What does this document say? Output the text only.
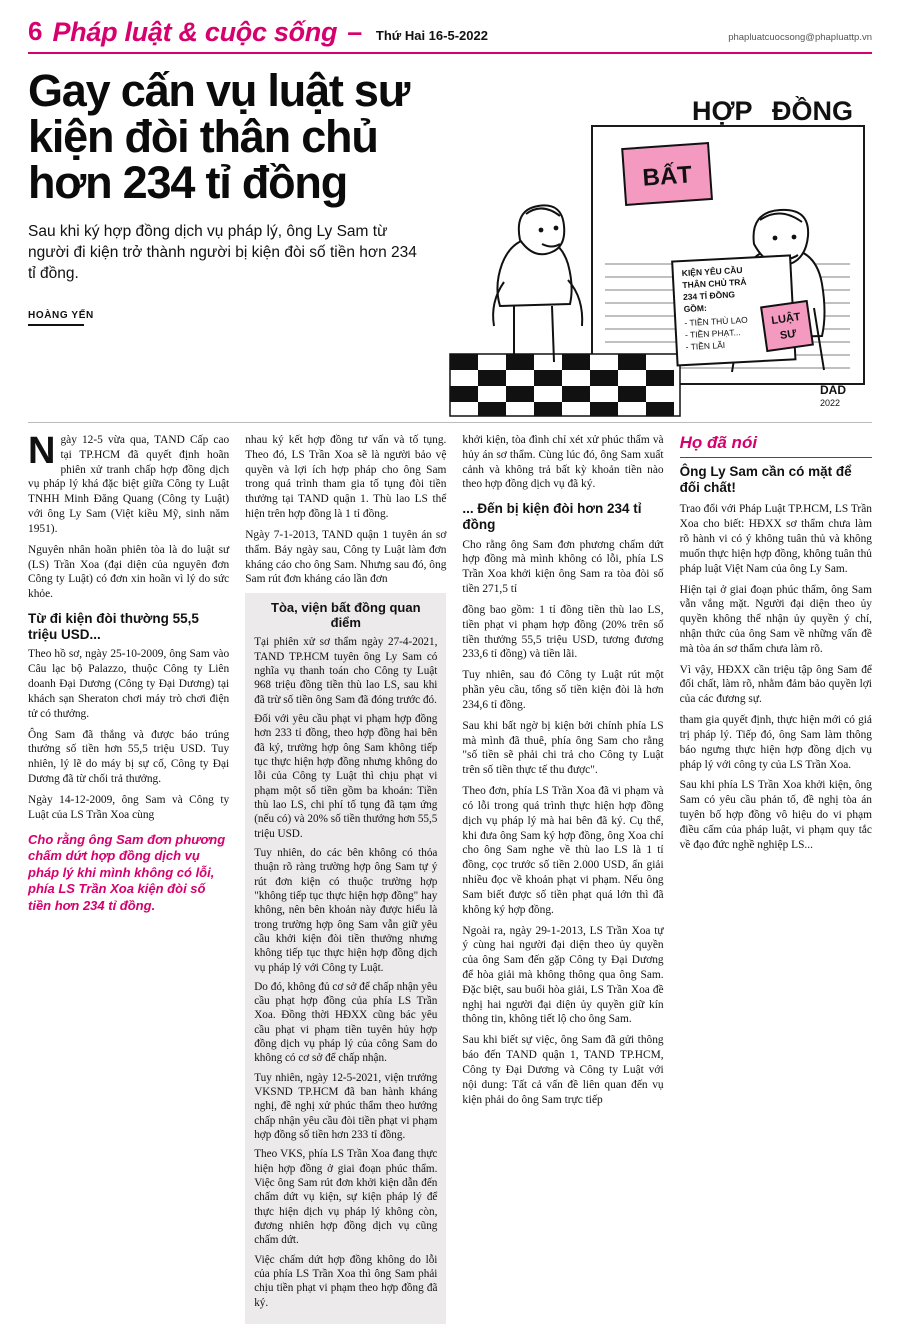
6 Pháp luật & cuộc sống – Thứ Hai 16-5-2022	phapluatcuocsong@phapluattp.vn
Gay cấn vụ luật sư kiện đòi thân chủ hơn 234 tỉ đồng
Sau khi ký hợp đồng dịch vụ pháp lý, ông Ly Sam từ người đi kiện trở thành người bị kiện đòi số tiền hơn 234 tỉ đồng.
HOÀNG YẾN
HỢP ĐỒNG
BẤT
KIỆN YÊU CẦU
THÂN CHỦ TRẢ
234 TỈ ĐỒNG
GỒM:
- TIỀN THÙ LAO
- TIỀN PHẠT...
- TIỀN LÃI
LUẬT
SƯ
DAD
2022

Ngày 12-5 vừa qua, TAND Cấp cao tại TP.HCM đã quyết định hoãn phiên xử tranh chấp hợp đồng dịch vụ pháp lý khá đặc biệt giữa Công ty Luật TNHH Minh Đăng Quang (Công ty Luật) với ông Ly Sam (Việt kiều Mỹ, sinh năm 1951).

Nguyên nhân hoãn phiên tòa là do luật sư (LS) Trần Xoa (đại diện của nguyên đơn Công ty Luật) có đơn xin hoãn vì lý do sức khỏe.

Từ đi kiện đòi thường 55,5 triệu USD...

Theo hồ sơ, ngày 25-10-2009, ông Sam vào Câu lạc bộ Palazzo, thuộc Công ty Liên doanh Đại Dương (Công ty Đại Dương) tại khách sạn Sheraton chơi máy trò chơi điện tử có thưởng.

Ông Sam đã thắng và được báo trúng thưởng số tiền hơn 55,5 triệu USD. Tuy nhiên, lý lẽ do máy bị sự cố, Công ty Đại Dương đã từ chối trả thưởng.

Ngày 14-12-2009, ông Sam và Công ty Luật của LS Trần Xoa cùng

Cho rằng ông Sam đơn phương chấm dứt hợp đồng dịch vụ pháp lý khi mình không có lỗi, phía LS Trần Xoa kiện đòi số tiền hơn 234 tỉ đồng.

nhau ký kết hợp đồng tư vấn và tố tụng. Theo đó, LS Trần Xoa sẽ là người bảo vệ quyền và lợi ích hợp pháp cho ông Sam trong quá trình tham gia tố tụng đòi tiền thưởng tại TAND quận 1. Thù lao LS thể hiện trên hợp đồng là 1 tỉ đồng.

Ngày 7-1-2013, TAND quận 1 tuyên án sơ thẩm. Bảy ngày sau, Công ty Luật làm đơn kháng cáo cho ông Sam. Nhưng sau đó, ông Sam rút đơn kháng cáo lần đơn

Tòa, viện bất đồng quan điểm

Tại phiên xử sơ thẩm ngày 27-4-2021, TAND TP.HCM tuyên ông Ly Sam có nghĩa vụ thanh toán cho Công ty Luật 968 triệu đồng tiền thù lao LS, sau khi đã trừ số tiền ông Sam đã đóng trước đó.

Đối với yêu cầu phạt vi phạm hợp đồng hơn 233 tỉ đồng, theo hợp đồng hai bên đã ký, trường hợp ông Sam không tiếp tục thực hiện hợp đồng nhưng không do lỗi của Công ty Luật thì chịu phạt vi phạm một số tiền gồm ba khoản: Tiền thù lao LS, chi phí tố tụng đã tạm ứng (nếu có) và 20% số tiền thưởng hơn 55,5 triệu USD.

Tuy nhiên, do các bên không có thỏa thuận rõ ràng trường hợp ông Sam tự ý rút đơn kiện có thuộc trường hợp "không tiếp tục thực hiện hợp đồng" hay không, nên bên khoản này được hiểu là trong trường hợp ông Sam vẫn giữ yêu cầu khởi kiện đòi tiền thưởng nhưng không tiếp tục thực hiện hợp đồng dịch vụ pháp lý với Công ty Luật.

Do đó, không đủ cơ sở để chấp nhận yêu cầu phạt hợp đồng của phía LS Trần Xoa. Đồng thời HĐXX cũng bác yêu cầu phạt vi phạm tiền tuyên hủy hợp đồng dịch vụ pháp lý của công Sam do không có cơ sở để chấp nhận.

Tuy nhiên, ngày 12-5-2021, viện trưởng VKSND TP.HCM đã ban hành kháng nghị, đề nghị xử phúc thẩm theo hướng chấp nhận yêu cầu đòi tiền phạt vi phạm hợp đồng số tiền hơn 233 tỉ đồng.

Theo VKS, phía LS Trần Xoa đang thực hiện hợp đồng ở giai đoạn phúc thẩm. Việc ông Sam rút đơn khởi kiện dẫn đến chấm dứt vụ kiện, sự kiện pháp lý để thực hiện dịch vụ pháp lý không còn, đương nhiên hợp đồng dịch vụ cũng chấm dứt.

Việc chấm dứt hợp đồng không do lỗi của phía LS Trần Xoa thì ông Sam phải chịu tiền phạt vi phạm theo hợp đồng đã ký.

khởi kiện, tòa đình chỉ xét xử phúc thẩm và hủy án sơ thẩm. Cùng lúc đó, ông Sam xuất cảnh và không trả bất kỳ khoản tiền nào theo hợp đồng dịch vụ đã ký.

... Đến bị kiện đòi hơn 234 tỉ đồng

Cho rằng ông Sam đơn phương chấm dứt hợp đồng mà mình không có lỗi, phía LS Trần Xoa khởi kiện ông Sam ra tòa đòi số tiền 271,5 tỉ

đồng bao gồm: 1 tỉ đồng tiền thù lao LS, tiền phạt vi phạm hợp đồng (20% trên số tiền thưởng 55,5 triệu USD, tương đương 233,6 tỉ đồng) và tiền lãi.

Tuy nhiên, sau đó Công ty Luật rút một phần yêu cầu, tổng số tiền kiện đòi là hơn 234,6 tỉ đồng.

Sau khi bất ngờ bị kiện bởi chính phía LS mà mình đã thuê, phía ông Sam cho rằng "số tiền sẽ phải chi trả cho Công ty Luật trên số tiền thực tế thu được".

Theo đơn, phía LS Trần Xoa đã vi phạm và có lỗi trong quá trình thực hiện hợp đồng dịch vụ pháp lý mà hai bên đã ký. Cụ thể, khi đưa ông Sam ký hợp đồng, ông Xoa chỉ cho ông Sam nghe về thù lao LS là 1 tỉ đồng, cọc trước số tiền 2.000 USD, ấn giải nhiều đọc về khoản phạt vi phạm. Nếu ông Sam biết được số tiền phạt quá lớn thì đã không ký hợp đồng.

Ngoài ra, ngày 29-1-2013, LS Trần Xoa tự ý cùng hai người đại diện theo ủy quyền của ông Sam đến gặp Công ty Đại Dương để hòa giải mà không thông qua ông Sam. Đặc biệt, sau buổi hòa giải, LS Trần Xoa đề nghị hai người đại diện ủy quyền giữ kín thông tin, không tiết lộ cho ông Sam.

Sau khi biết sự việc, ông Sam đã gửi thông báo đến TAND quận 1, TAND TP.HCM, Công ty Đại Dương và Công ty Luật với nội dung: Tất cả vấn đề liên quan đến vụ kiện phải do ông Sam trực tiếp

Họ đã nói
Ông Ly Sam cần có mặt để đối chất!

Trao đổi với Pháp Luật TP.HCM, LS Trần Xoa cho biết: HĐXX sơ thẩm chưa làm rõ hành vi có ý không tuân thủ và không muốn thực hiện hợp đồng, không tuân thủ pháp luật Việt Nam của ông Ly Sam.

Hiện tại ở giai đoạn phúc thẩm, ông Sam vẫn vắng mặt. Người đại diện theo ủy quyền không thể nhận ủy quyền ý chí, nhận thức của ông Sam về những vấn đề mà tòa án sơ thẩm chưa làm rõ.

Vì vậy, HĐXX cần triệu tập ông Sam để đối chất, làm rõ, nhằm đảm bảo quyền lợi của các đương sự.

tham gia quyết định, thực hiện mới có giá trị pháp lý. Tiếp đó, ông Sam làm thông báo ngưng thực hiện hợp đồng dịch vụ pháp lý với công ty của LS Trần Xoa.

Sau khi phía LS Trần Xoa khởi kiện, ông Sam có yêu cầu phản tố, đề nghị tòa án tuyên bố hợp đồng vô hiệu do vi phạm điều cấm của pháp luật, vi phạm quy tắc về đạo đức nghề nghiệp LS...
